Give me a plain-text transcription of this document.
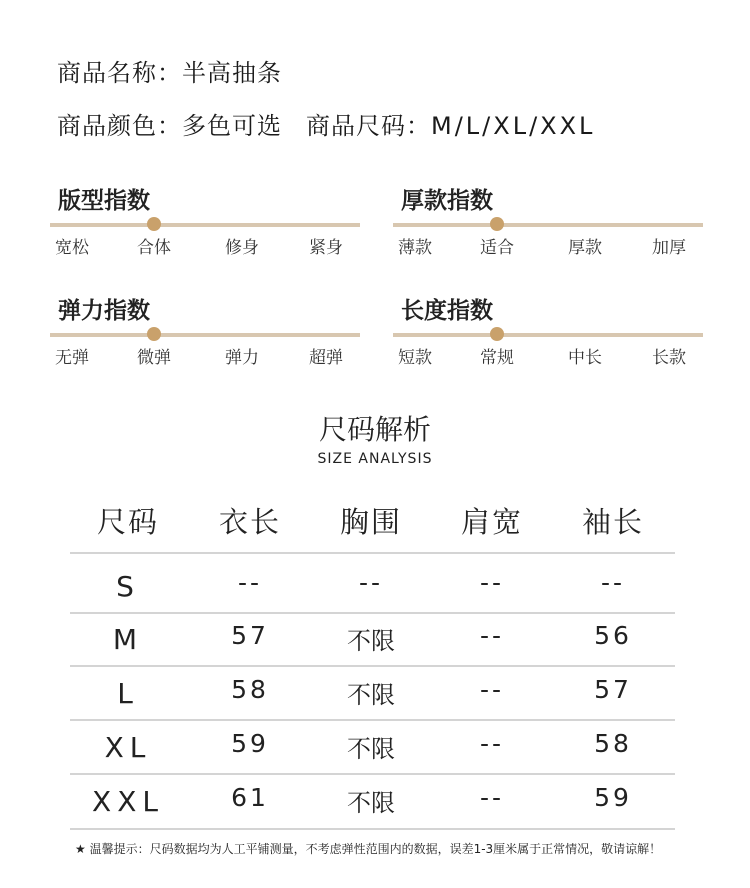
商品名称：半高抽条
商品颜色：多色可选 商品尺码：M/L/XL/XXL
版型指数
宽松	合体	修身	紧身
厚款指数
薄款	适合	厚款	加厚
弹力指数
无弹	微弹	弹力	超弹
长度指数
短款	常规	中长	长款
尺码解析
SIZE ANALYSIS
尺码 衣长 胸围 肩宽 袖长
S	--	--	--	--
M	57	不限	--	56
L	58	不限	--	57
XL	59	不限	--	58
XXL	61	不限	--	59
★ 温馨提示：尺码数据均为人工平铺测量，不考虑弹性范围内的数据，误差1-3厘米属于正常情况，敬请谅解！
